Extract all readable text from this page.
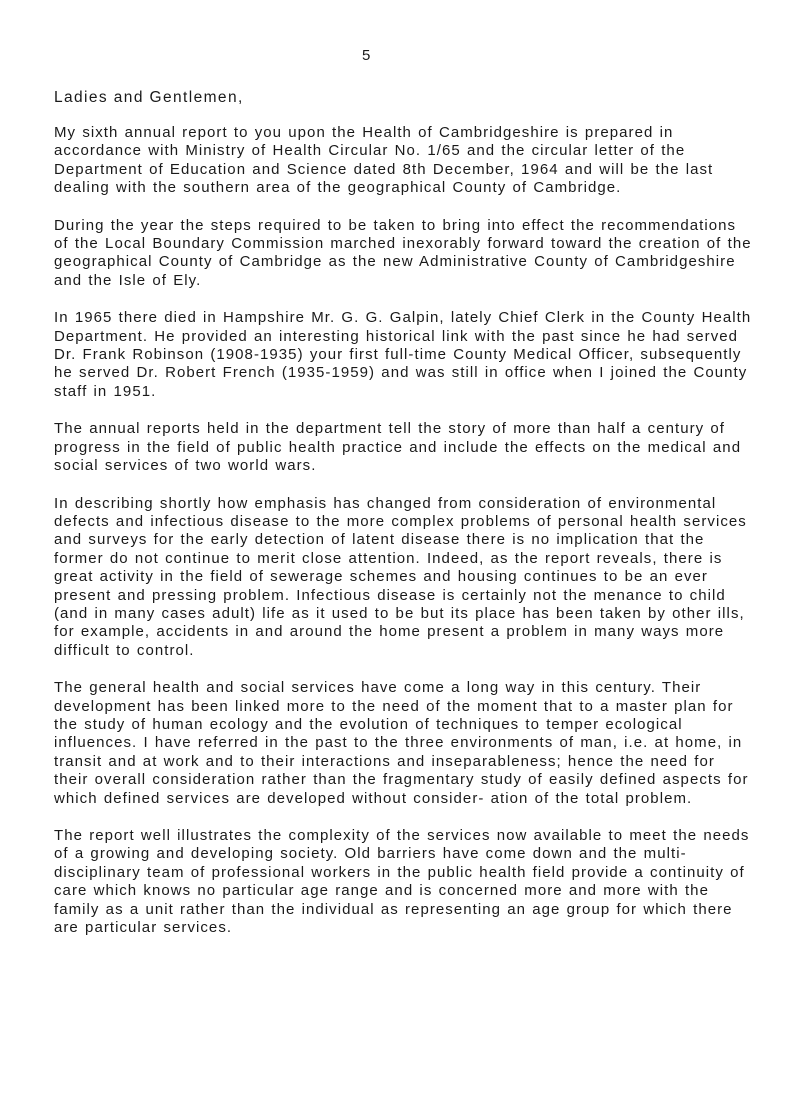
5
Ladies and Gentlemen,

My sixth annual report to you upon the Health of Cambridgeshire is prepared in accordance with Ministry of Health Circular No. 1/65 and the circular letter of the Department of Education and Science dated 8th December, 1964 and will be the last dealing with the southern area of the geographical County of Cambridge.

During the year the steps required to be taken to bring into effect the recommendations of the Local Boundary Commission marched inexorably forward toward the creation of the geographical County of Cambridge as the new Administrative County of Cambridgeshire and the Isle of Ely.

In 1965 there died in Hampshire Mr. G. G. Galpin, lately Chief Clerk in the County Health Department. He provided an interesting historical link with the past since he had served Dr. Frank Robinson (1908-1935) your first full-time County Medical Officer, subsequently he served Dr. Robert French (1935-1959) and was still in office when I joined the County staff in 1951.

The annual reports held in the department tell the story of more than half a century of progress in the field of public health practice and include the effects on the medical and social services of two world wars.

In describing shortly how emphasis has changed from consideration of environmental defects and infectious disease to the more complex problems of personal health services and surveys for the early detection of latent disease there is no implication that the former do not continue to merit close attention. Indeed, as the report reveals, there is great activity in the field of sewerage schemes and housing continues to be an ever present and pressing problem. Infectious disease is certainly not the menance to child (and in many cases adult) life as it used to be but its place has been taken by other ills, for example, accidents in and around the home present a problem in many ways more difficult to control.

The general health and social services have come a long way in this century. Their development has been linked more to the need of the moment that to a master plan for the study of human ecology and the evolution of techniques to temper ecological influences. I have referred in the past to the three environments of man, i.e. at home, in transit and at work and to their interactions and inseparableness; hence the need for their overall consideration rather than the fragmentary study of easily defined aspects for which defined services are developed without consider- ation of the total problem.

The report well illustrates the complexity of the services now available to meet the needs of a growing and developing society. Old barriers have come down and the multi-disciplinary team of professional workers in the public health field provide a continuity of care which knows no particular age range and is concerned more and more with the family as a unit rather than the individual as representing an age group for which there are particular services.
